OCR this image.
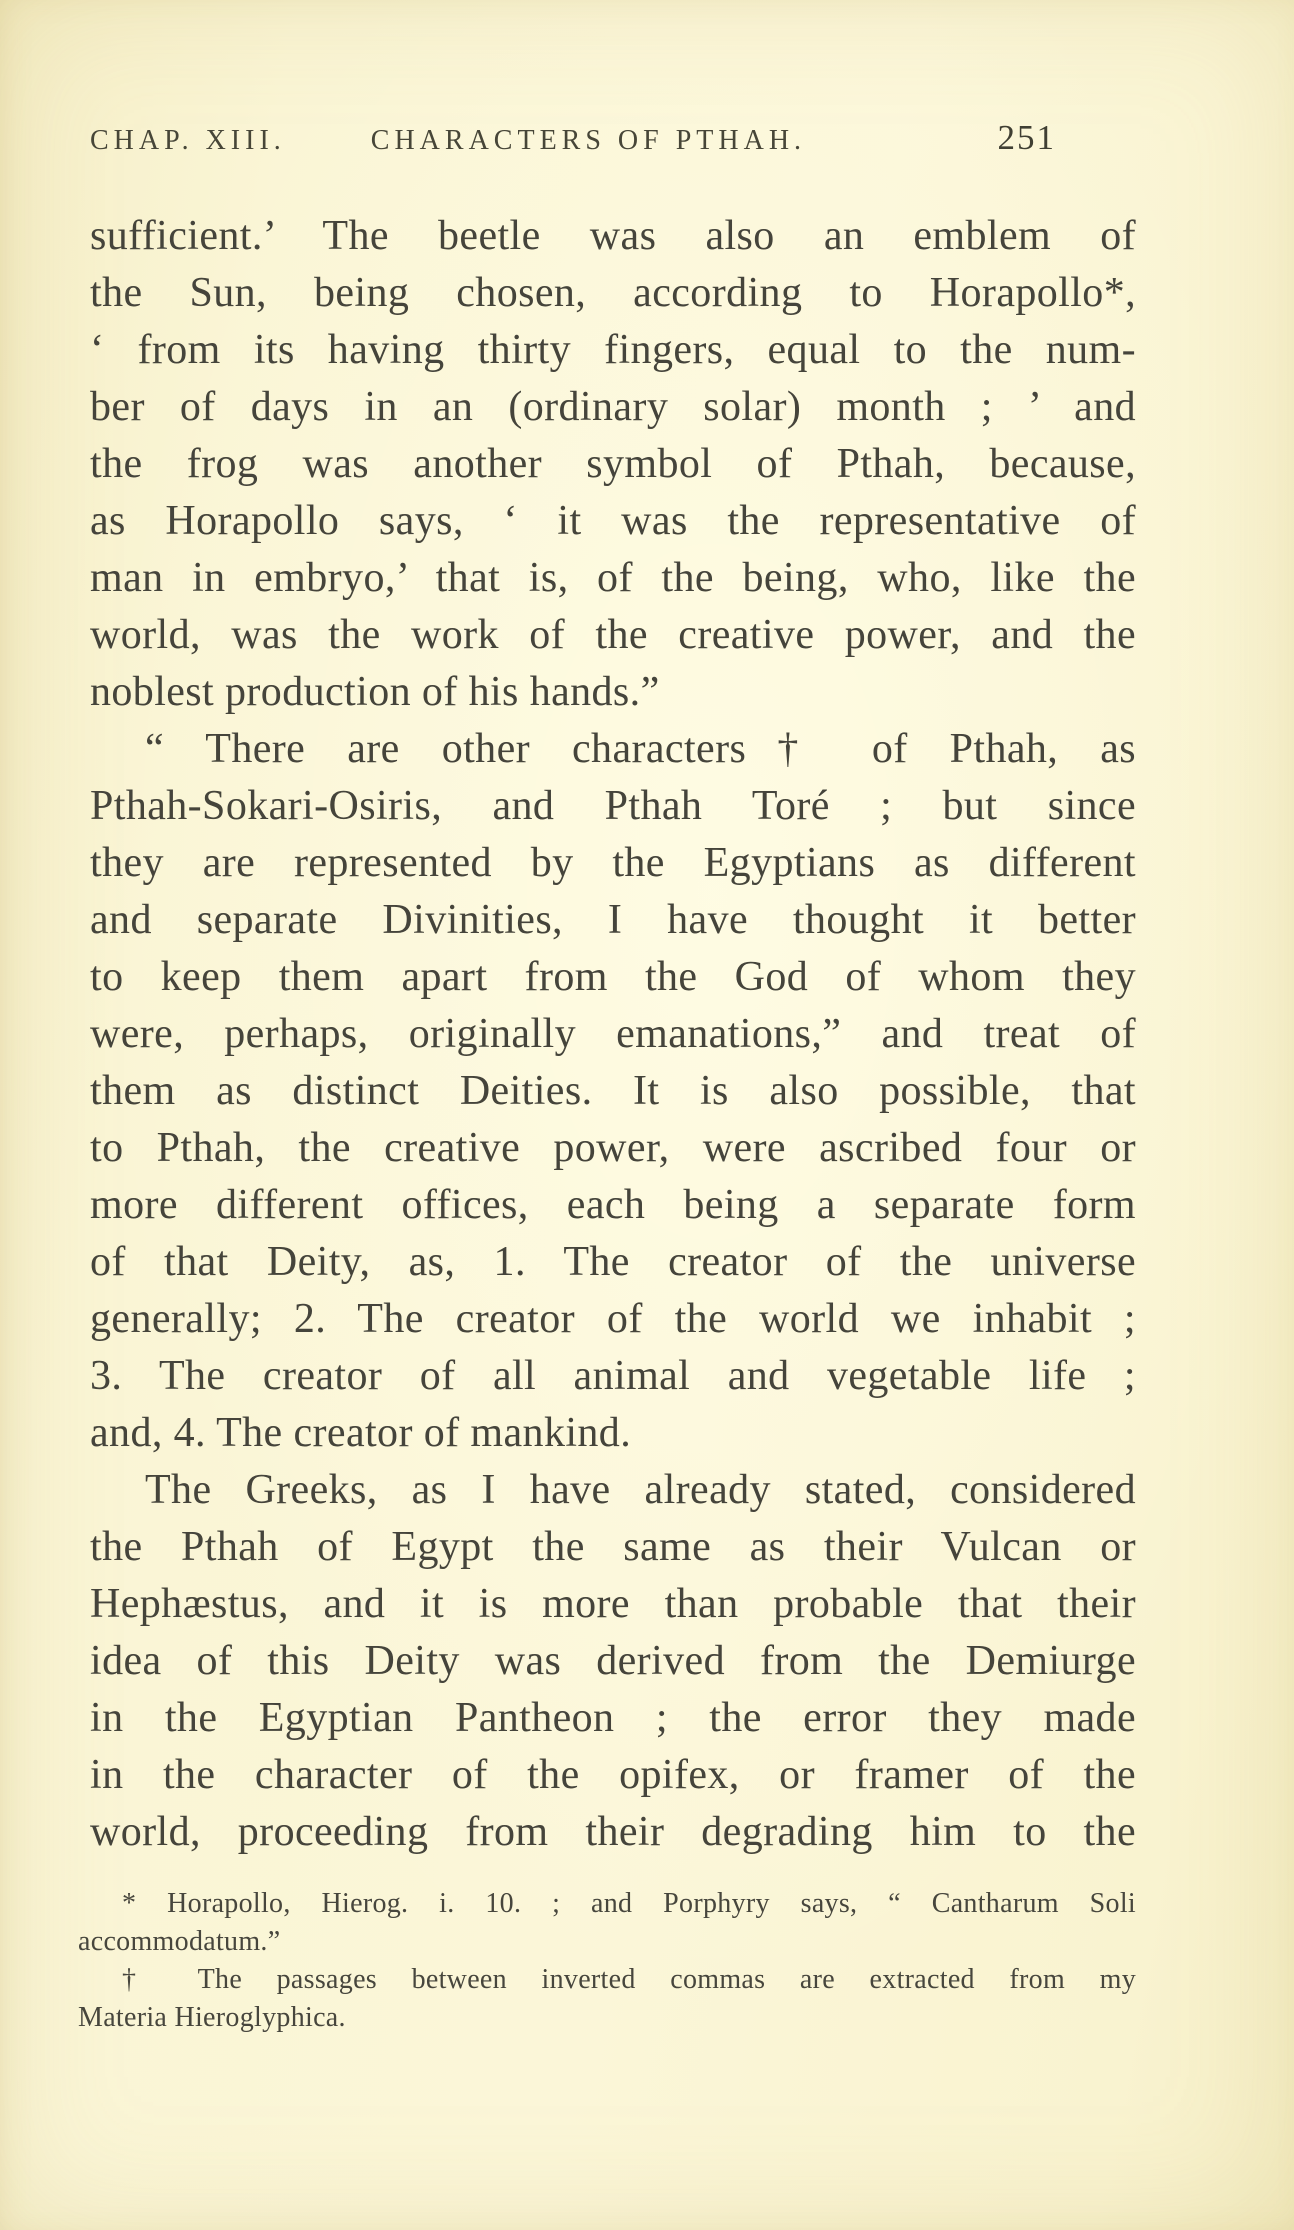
CHAP. XIII.	CHARACTERS OF PTHAH.	251
sufficient.’ The beetle was also an emblem of
the Sun, being chosen, according to Horapollo*,
‘ from its having thirty fingers, equal to the num-
ber of days in an (ordinary solar) month ; ’ and
the frog was another symbol of Pthah, because,
as Horapollo says, ‘ it was the representative of
man in embryo,’ that is, of the being, who, like the
world, was the work of the creative power, and the
noblest production of his hands.”
“ There are other characters† of Pthah, as
Pthah-Sokari-Osiris, and Pthah Toré ; but since
they are represented by the Egyptians as different
and separate Divinities, I have thought it better
to keep them apart from the God of whom they
were, perhaps, originally emanations,” and treat of
them as distinct Deities. It is also possible, that
to Pthah, the creative power, were ascribed four or
more different offices, each being a separate form
of that Deity, as, 1. The creator of the universe
generally; 2. The creator of the world we inhabit ;
3. The creator of all animal and vegetable life ;
and, 4. The creator of mankind.
The Greeks, as I have already stated, considered
the Pthah of Egypt the same as their Vulcan or
Hephæstus, and it is more than probable that their
idea of this Deity was derived from the Demiurge
in the Egyptian Pantheon ; the error they made
in the character of the opifex, or framer of the
world, proceeding from their degrading him to the
* Horapollo, Hierog. i. 10. ; and Porphyry says, “ Cantharum Soli
accommodatum.”
† The passages between inverted commas are extracted from my
Materia Hieroglyphica.
